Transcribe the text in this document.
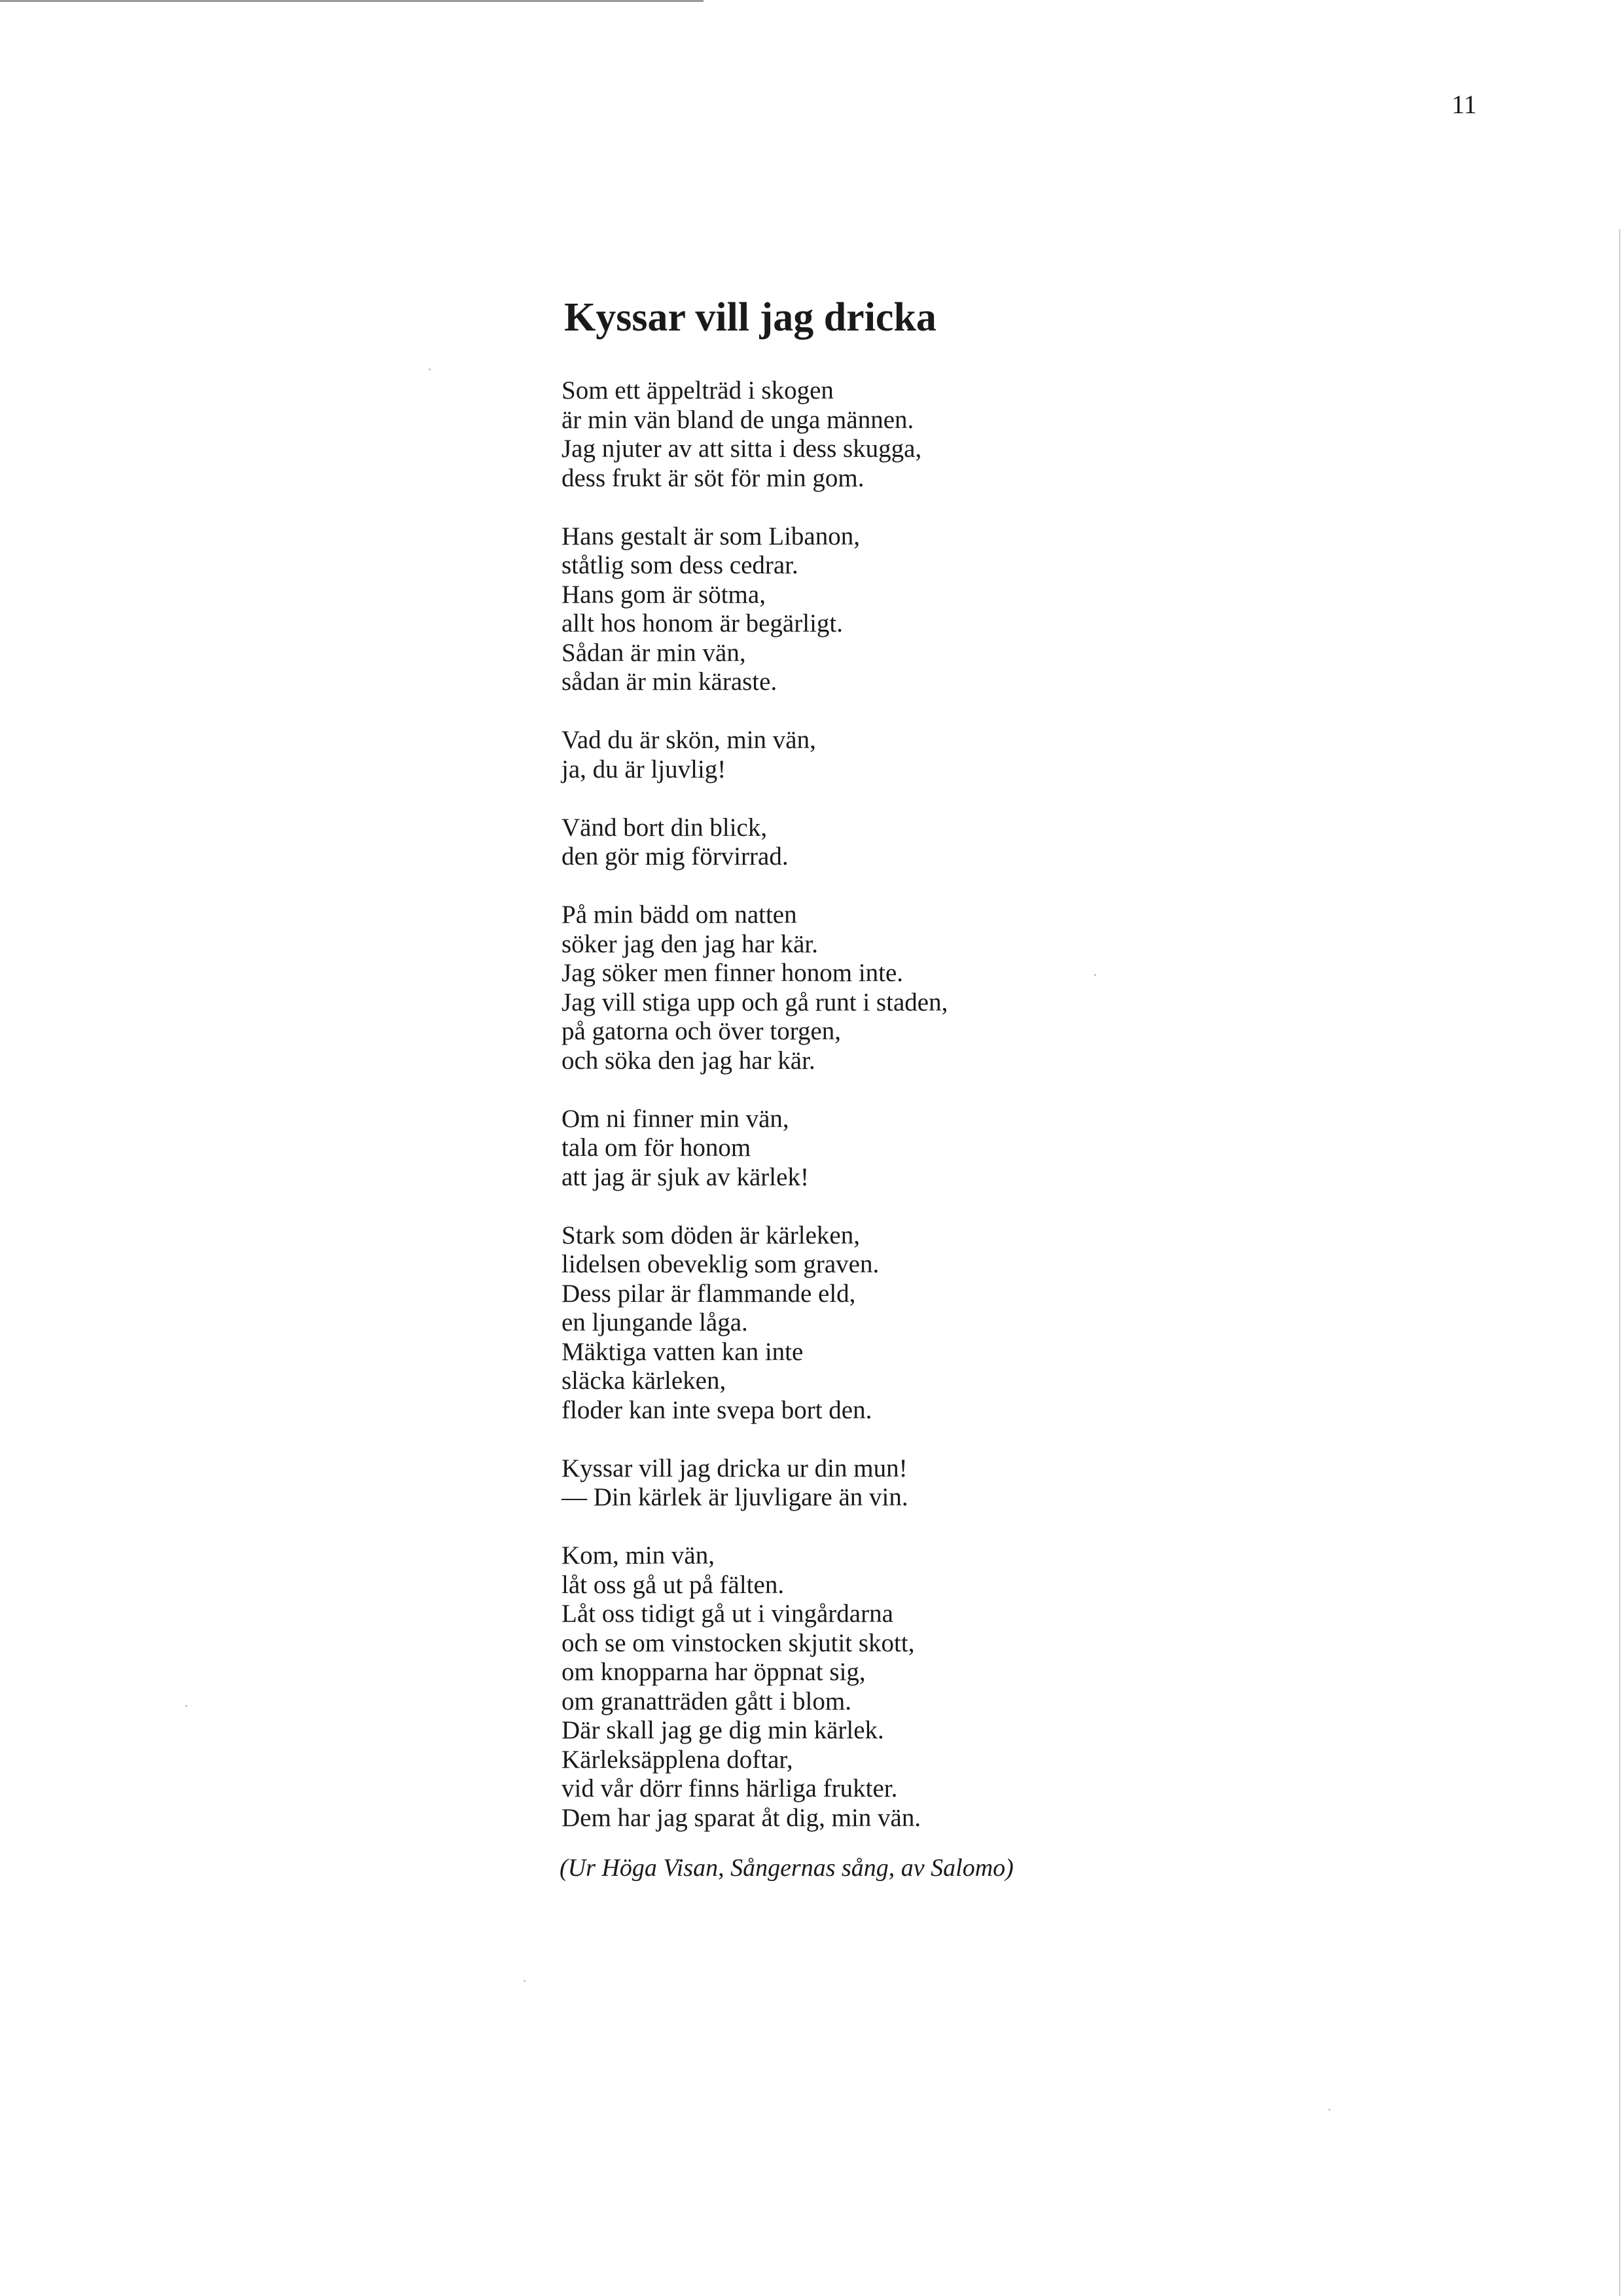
11
Kyssar vill jag dricka
Som ett äppelträd i skogen
är min vän bland de unga männen.
Jag njuter av att sitta i dess skugga,
dess frukt är söt för min gom.
Hans gestalt är som Libanon,
ståtlig som dess cedrar.
Hans gom är sötma,
allt hos honom är begärligt.
Sådan är min vän,
sådan är min käraste.
Vad du är skön, min vän,
ja, du är ljuvlig!
Vänd bort din blick,
den gör mig förvirrad.
På min bädd om natten
söker jag den jag har kär.
Jag söker men finner honom inte.
Jag vill stiga upp och gå runt i staden,
på gatorna och över torgen,
och söka den jag har kär.
Om ni finner min vän,
tala om för honom
att jag är sjuk av kärlek!
Stark som döden är kärleken,
lidelsen obeveklig som graven.
Dess pilar är flammande eld,
en ljungande låga.
Mäktiga vatten kan inte
släcka kärleken,
floder kan inte svepa bort den.
Kyssar vill jag dricka ur din mun!
— Din kärlek är ljuvligare än vin.
Kom, min vän,
låt oss gå ut på fälten.
Låt oss tidigt gå ut i vingårdarna
och se om vinstocken skjutit skott,
om knopparna har öppnat sig,
om granatträden gått i blom.
Där skall jag ge dig min kärlek.
Kärleksäpplena doftar,
vid vår dörr finns härliga frukter.
Dem har jag sparat åt dig, min vän.
(Ur Höga Visan, Sångernas sång, av Salomo)
